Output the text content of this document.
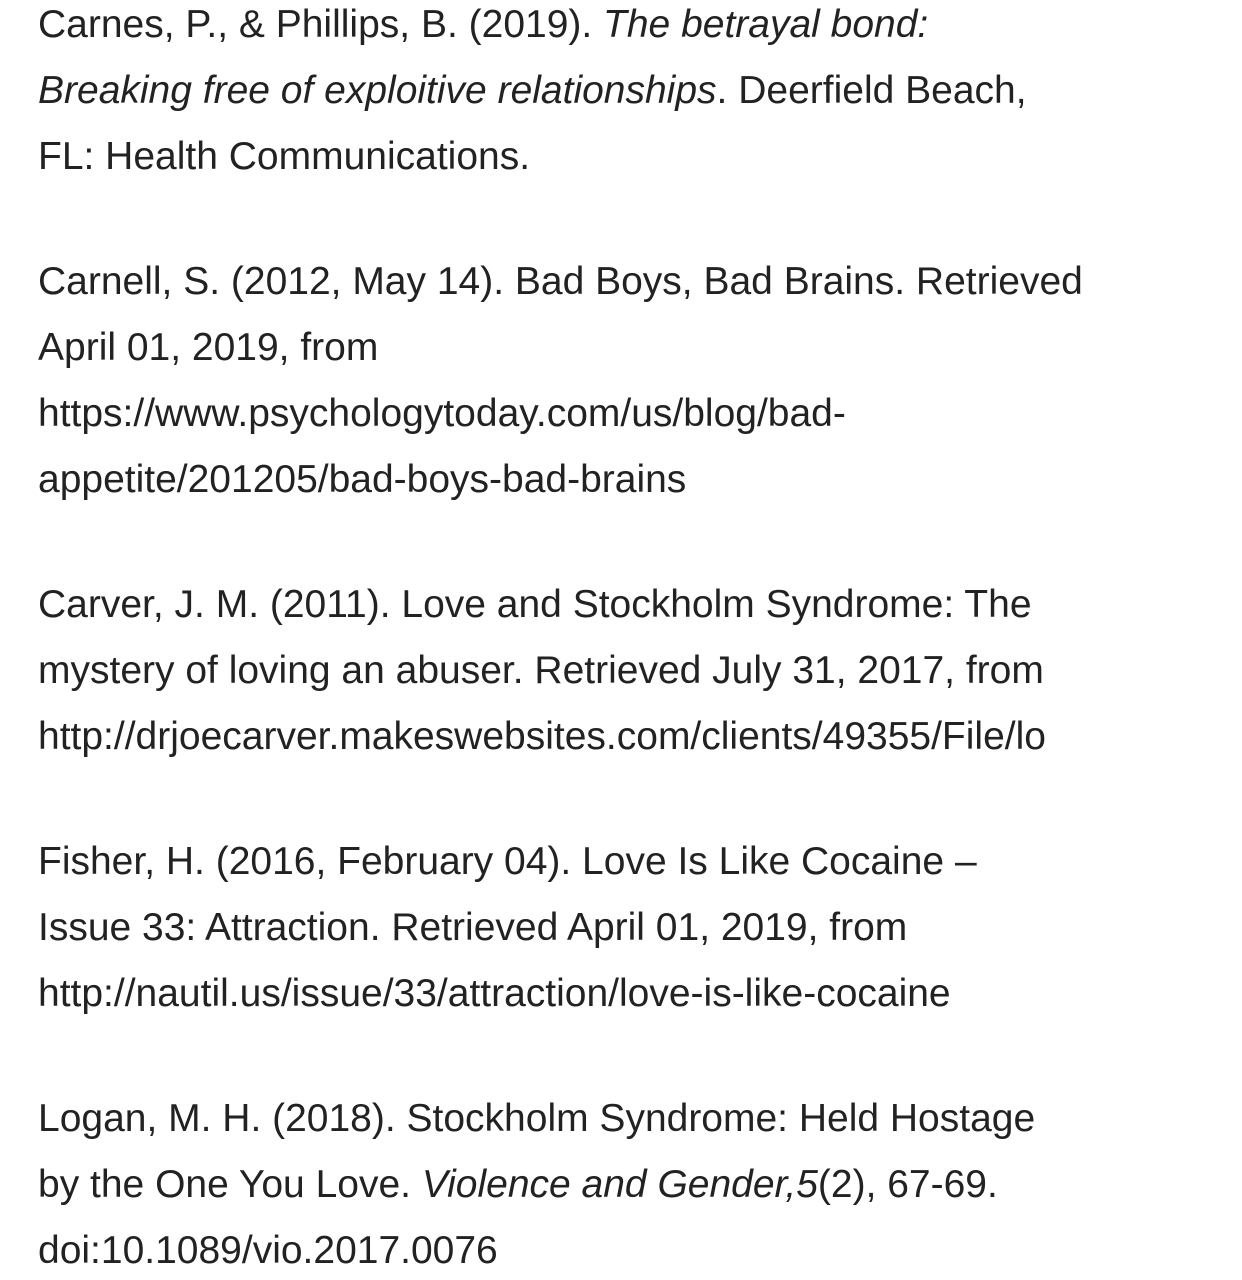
Carnes, P., & Phillips, B. (2019). The betrayal bond:
Breaking free of exploitive relationships. Deerfield Beach,
FL: Health Communications.
Carnell, S. (2012, May 14). Bad Boys, Bad Brains. Retrieved
April 01, 2019, from
https://www.psychologytoday.com/us/blog/bad-
appetite/201205/bad-boys-bad-brains
Carver, J. M. (2011). Love and Stockholm Syndrome: The
mystery of loving an abuser. Retrieved July 31, 2017, from
http://drjoecarver.makeswebsites.com/clients/49355/File/lo
Fisher, H. (2016, February 04). Love Is Like Cocaine –
Issue 33: Attraction. Retrieved April 01, 2019, from
http://nautil.us/issue/33/attraction/love-is-like-cocaine
Logan, M. H. (2018). Stockholm Syndrome: Held Hostage
by the One You Love. Violence and Gender,5(2), 67-69.
doi:10.1089/vio.2017.0076
